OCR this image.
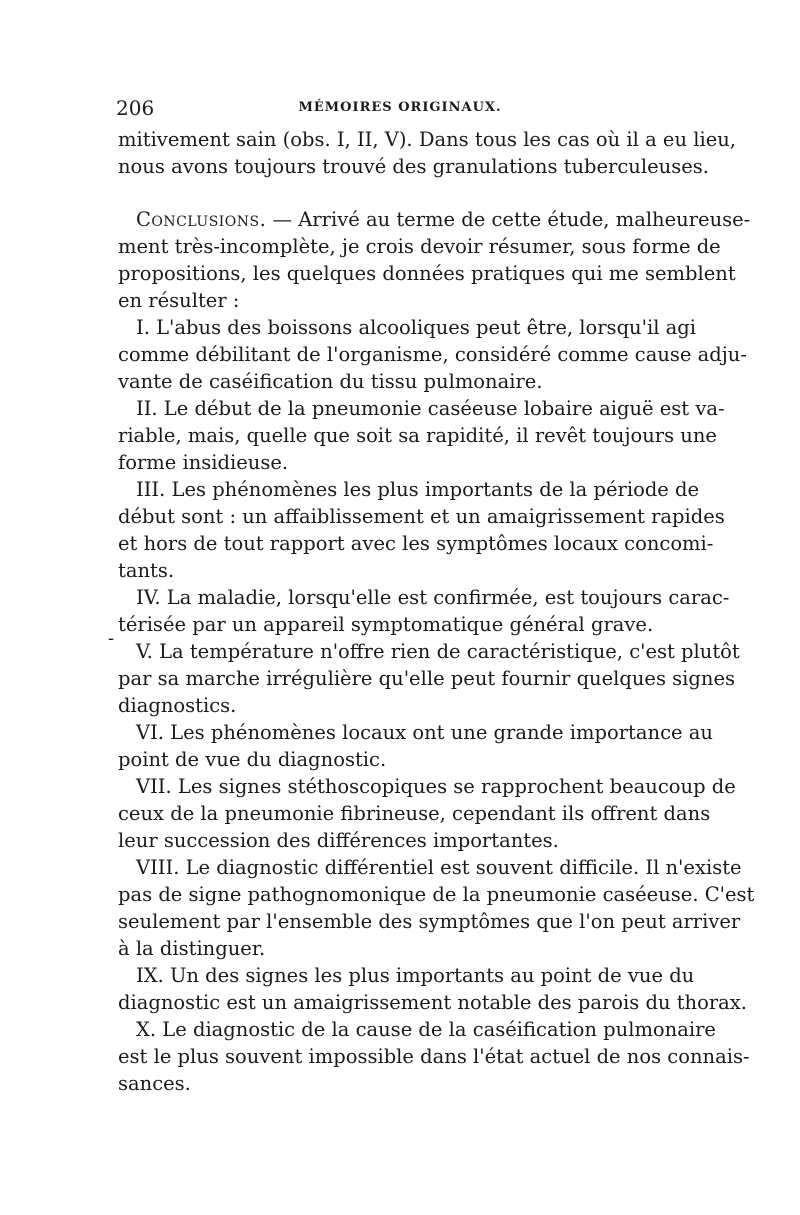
206	MÉMOIRES ORIGINAUX.
-
mitivement sain (obs. I, II, V). Dans tous les cas où il a eu lieu,
nous avons toujours trouvé des granulations tuberculeuses.
Conclusions. — Arrivé au terme de cette étude, malheureuse-
ment très-incomplète, je crois devoir résumer, sous forme de
propositions, les quelques données pratiques qui me semblent
en résulter :
I. L'abus des boissons alcooliques peut être, lorsqu'il agi
comme débilitant de l'organisme, considéré comme cause adju-
vante de caséification du tissu pulmonaire.
II. Le début de la pneumonie caséeuse lobaire aiguë est va-
riable, mais, quelle que soit sa rapidité, il revêt toujours une
forme insidieuse.
III. Les phénomènes les plus importants de la période de
début sont : un affaiblissement et un amaigrissement rapides
et hors de tout rapport avec les symptômes locaux concomi-
tants.
IV. La maladie, lorsqu'elle est confirmée, est toujours carac-
térisée par un appareil symptomatique général grave.
V. La température n'offre rien de caractéristique, c'est plutôt
par sa marche irrégulière qu'elle peut fournir quelques signes
diagnostics.
VI. Les phénomènes locaux ont une grande importance au
point de vue du diagnostic.
VII. Les signes stéthoscopiques se rapprochent beaucoup de
ceux de la pneumonie fibrineuse, cependant ils offrent dans
leur succession des différences importantes.
VIII. Le diagnostic différentiel est souvent difficile. Il n'existe
pas de signe pathognomonique de la pneumonie caséeuse. C'est
seulement par l'ensemble des symptômes que l'on peut arriver
à la distinguer.
IX. Un des signes les plus importants au point de vue du
diagnostic est un amaigrissement notable des parois du thorax.
X. Le diagnostic de la cause de la caséification pulmonaire
est le plus souvent impossible dans l'état actuel de nos connais-
sances.
